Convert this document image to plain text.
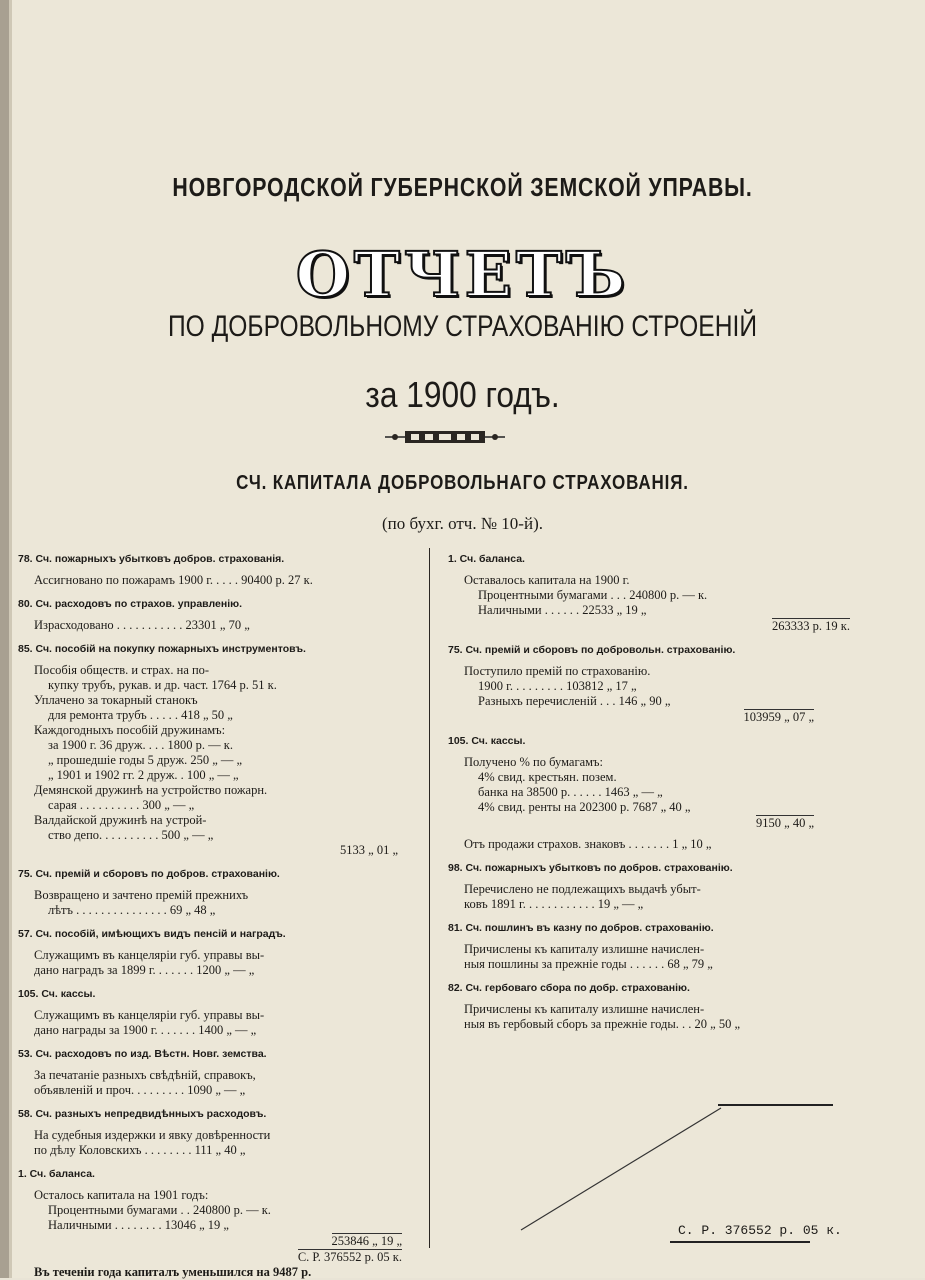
НОВГОРОДСКОЙ ГУБЕРНСКОЙ ЗЕМСКОЙ УПРАВЫ.
ОТЧЕТЪ
ПО ДОБРОВОЛЬНОМУ СТРАХОВАНІЮ СТРОЕНІЙ
за 1900 годъ.
СЧ. КАПИТАЛА ДОБРОВОЛЬНАГО СТРАХОВАНІЯ.
(по бухг. отч. № 10-й).
78. Сч. пожарныхъ убытковъ добров. страхованія.
Ассигновано по пожарамъ 1900 г. . . . . 90400 р. 27 к.
80. Сч. расходовъ по страхов. управленію.
Израсходовано . . . . . . . . . . . 23301 „ 70 „
85. Сч. пособій на покупку пожарныхъ инструментовъ.
Пособія обществ. и страх. на по-
купку трубъ, рукав. и др. част. 1764 р. 51 к.
Уплачено за токарный станокъ
для ремонта трубъ . . . . . 418 „ 50 „
Каждогодныхъ пособій дружинамъ:
за 1900 г. 36 друж. . . . 1800 р. — к.
„ прошедшіе годы 5 друж. 250 „ — „
„ 1901 и 1902 гг. 2 друж. . 100 „ — „
Демянской дружинѣ на устройство пожарн.
сарая . . . . . . . . . . 300 „ — „
Валдайской дружинѣ на устрой-
ство депо. . . . . . . . . . 500 „ — „
5133 „ 01 „
75. Сч. премій и сборовъ по добров. страхованію.
Возвращено и зачтено премій прежнихъ
лѣтъ . . . . . . . . . . . . . . . 69 „ 48 „
57. Сч. пособій, имѣющихъ видъ пенсій и наградъ.
Служащимъ въ канцеляріи губ. управы вы-
дано наградъ за 1899 г. . . . . . . 1200 „ — „
105. Сч. кассы.
Служащимъ въ канцеляріи губ. управы вы-
дано награды за 1900 г. . . . . . . 1400 „ — „
53. Сч. расходовъ по изд. Вѣстн. Новг. земства.
За печатаніе разныхъ свѣдѣній, справокъ,
объявленій и проч. . . . . . . . . 1090 „ — „
58. Сч. разныхъ непредвидѣнныхъ расходовъ.
На судебныя издержки и явку довѣренности
по дѣлу Коловскихъ . . . . . . . . 111 „ 40 „
1. Сч. баланса.
Осталось капитала на 1901 годъ:
Процентными бумагами . . 240800 р. — к.
Наличными . . . . . . . . 13046 „ 19 „
253846 „ 19 „
С. Р. 376552 р. 05 к.
Въ теченіи года капиталъ уменьшился на 9487 р.
1. Сч. баланса.
Оставалось капитала на 1900 г.
Процентными бумагами . . . 240800 р. — к.
Наличными . . . . . . 22533 „ 19 „
263333 р. 19 к.
75. Сч. премій и сборовъ по добровольн. страхованію.
Поступило премій по страхованію.
1900 г. . . . . . . . . 103812 „ 17 „
Разныхъ перечисленій . . . 146 „ 90 „
103959 „ 07 „
105. Сч. кассы.
Получено % по бумагамъ:
4% свид. крестьян. позем.
банка на 38500 р. . . . . . 1463 „ — „
4% свид. ренты на 202300 р. 7687 „ 40 „
9150 „ 40 „
Отъ продажи страхов. знаковъ . . . . . . . 1 „ 10 „
98. Сч. пожарныхъ убытковъ по добров. страхованію.
Перечислено не подлежащихъ выдачѣ убыт-
ковъ 1891 г. . . . . . . . . . . . 19 „ — „
81. Сч. пошлинъ въ казну по добров. страхованію.
Причислены къ капиталу излишне начислен-
ныя пошлины за прежніе годы . . . . . . 68 „ 79 „
82. Сч. гербоваго сбора по добр. страхованію.
Причислены къ капиталу излишне начислен-
ныя въ гербовый сборъ за прежніе годы. . . 20 „ 50 „
С. Р. 376552 р. 05 к.
